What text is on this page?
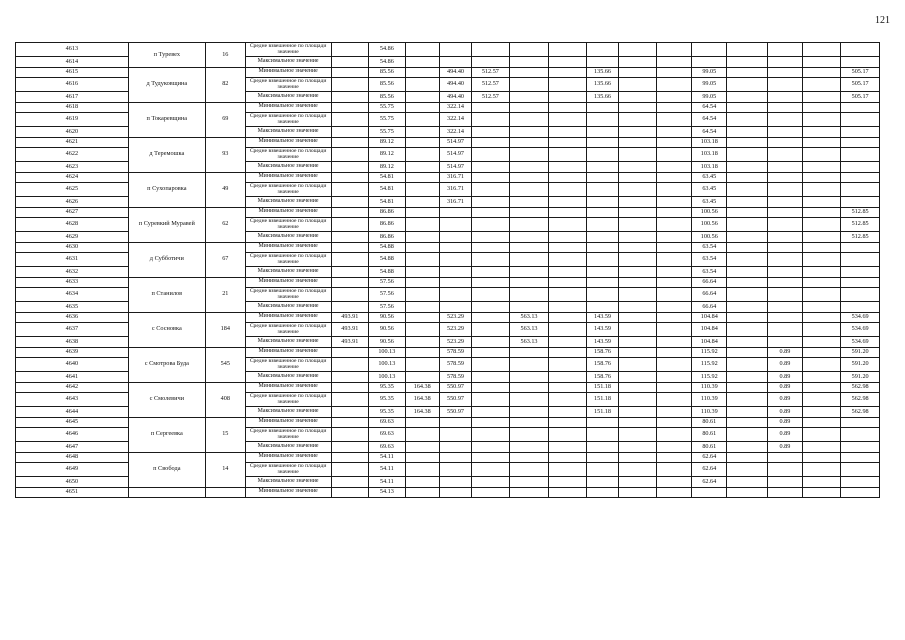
121
4613	п Туревех	16	Средне взвешенное по площади значение		54.86													
4614			Максимальное значение		54.86													
4615	д Тудуковщина	82	Минимальное значение		85.56		494.40	512.57			135.66			99.05				505.17
4616			Средне взвешенное по площади значение		85.56		494.40	512.57			135.66			99.05				505.17
4617			Максимальное значение		85.56		494.40	512.57			135.66			99.05				505.17
4618	п Токаревщина	69	Минимальное значение		55.75		322.14							64.54				
4619			Средне взвешенное по площади значение		55.75		322.14							64.54				
4620			Максимальное значение		55.75		322.14							64.54				
4621	д Теремошка	93	Минимальное значение		89.12		514.97							103.18				
4622			Средне взвешенное по площади значение		89.12		514.97							103.18				
4623			Максимальное значение		89.12		514.97							103.18				
4624	п Сухопаровка	49	Минимальное значение		54.81		316.71							63.45				
4625			Средне взвешенное по площади значение		54.81		316.71							63.45				
4626			Максимальное значение		54.81		316.71							63.45				
4627	п Суревкий Муравей	62	Минимальное значение		86.86									100.56				512.85
4628			Средне взвешенное по площади значение		86.86									100.56				512.85
4629			Максимальное значение		86.86									100.56				512.85
4630	д Субботичи	67	Минимальное значение		54.88									63.54				
4631			Средне взвешенное по площади значение		54.88									63.54				
4632			Максимальное значение		54.88									63.54				
4633	п Станилов	21	Минимальное значение		57.56									66.64				
4634			Средне взвешенное по площади значение		57.56									66.64				
4635			Максимальное значение		57.56									66.64				
4636	с Сосновка	184	Минимальное значение	493.91	90.56		523.29		563.13		143.59			104.84				534.69
4637			Средне взвешенное по площади значение	493.91	90.56		523.29		563.13		143.59			104.84				534.69
4638			Максимальное значение	493.91	90.56		523.29		563.13		143.59			104.84				534.69
4639	с Смотрова Буда	545	Минимальное значение		100.13		578.59				158.76			115.92		0.89		591.20
4640			Средне взвешенное по площади значение		100.13		578.59				158.76			115.92		0.89		591.20
4641			Максимальное значение		100.13		578.59				158.76			115.92		0.89		591.20
4642	с Смолевичи	408	Минимальное значение		95.35	164.38	550.97				151.18			110.39		0.89		562.98
4643			Средне взвешенное по площади значение		95.35	164.38	550.97				151.18			110.39		0.89		562.98
4644			Максимальное значение		95.35	164.38	550.97				151.18			110.39		0.89		562.98
4645	п Сергеевка	15	Минимальное значение		69.63									80.61		0.89		
4646			Средне взвешенное по площади значение		69.63									80.61		0.89		
4647			Максимальное значение		69.63									80.61		0.89		
4648	п Свобода	14	Минимальное значение		54.11									62.64				
4649			Средне взвешенное по площади значение		54.11									62.64				
4650			Максимальное значение		54.11									62.64				
4651			Минимальное значение		54.13													
